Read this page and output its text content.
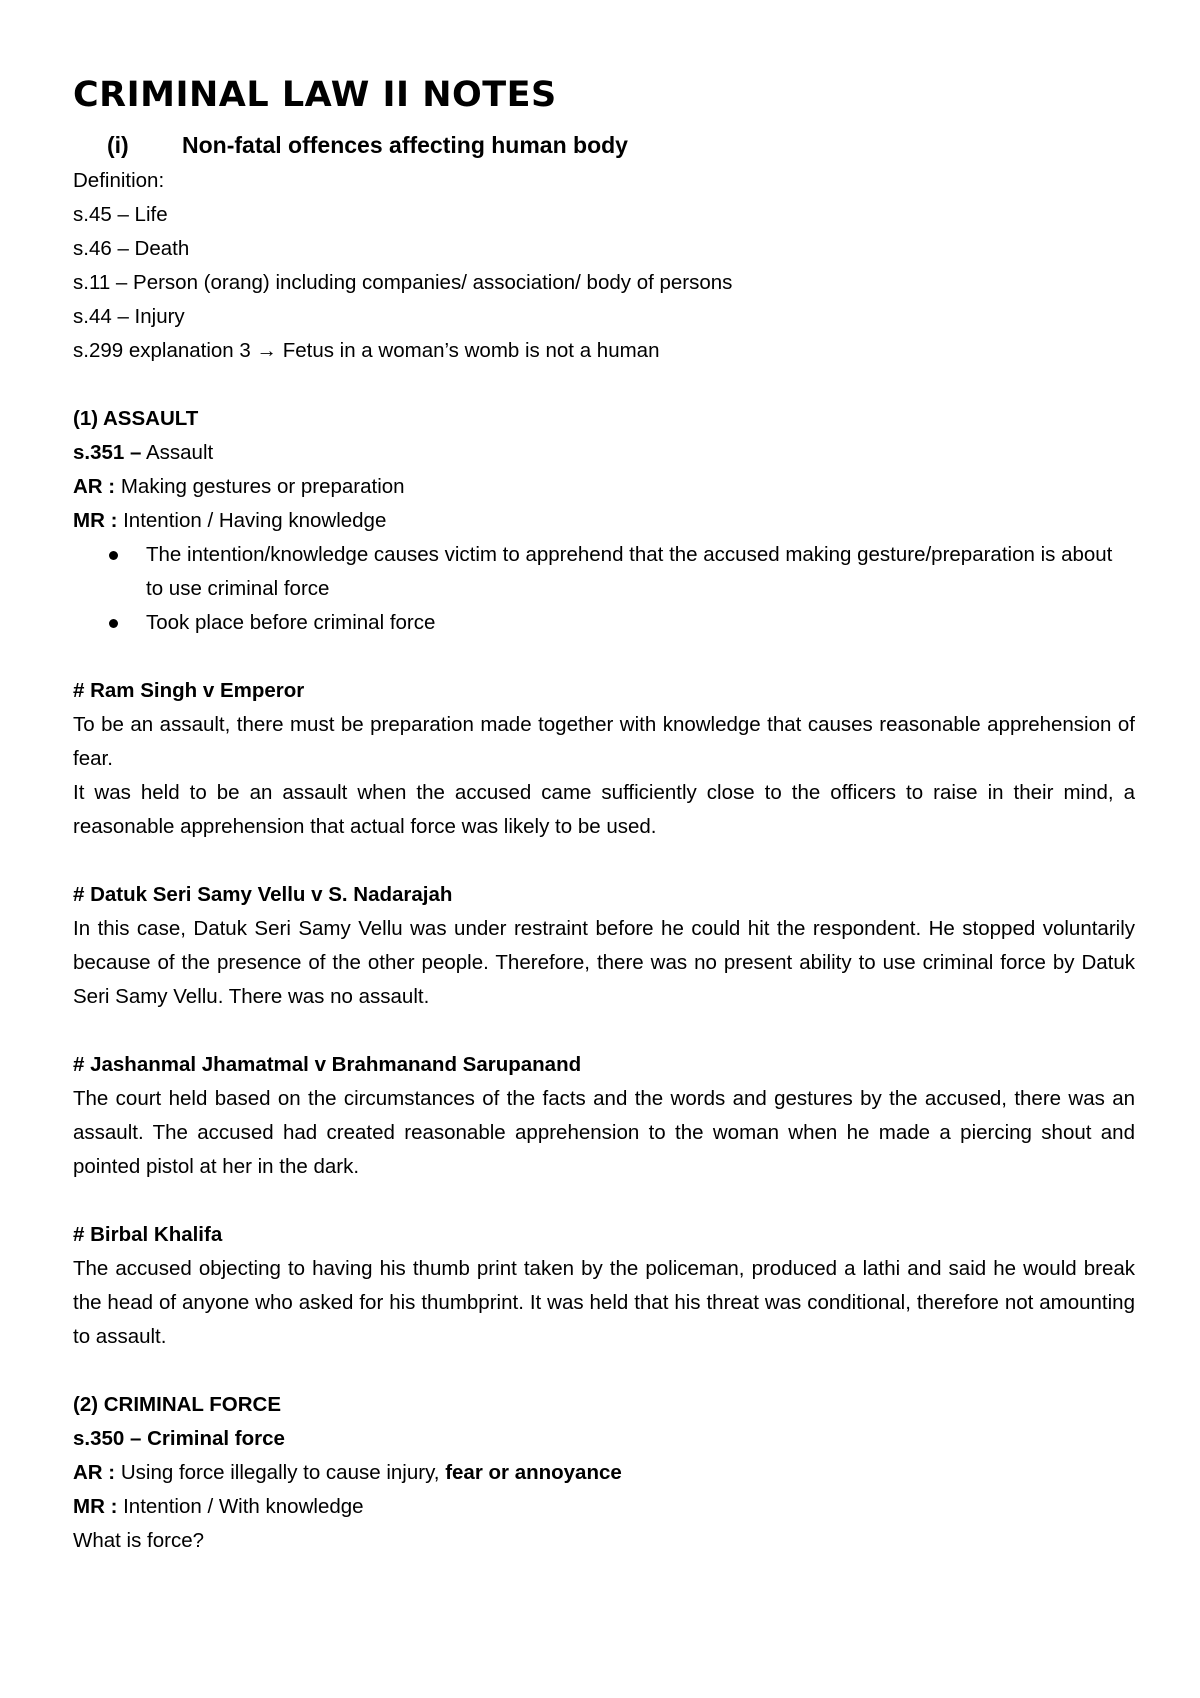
CRIMINAL LAW II NOTES
(i)	Non-fatal offences affecting human body
Definition:
s.45 – Life
s.46 – Death
s.11 – Person (orang) including companies/ association/ body of persons
s.44 – Injury
s.299 explanation 3 → Fetus in a woman’s womb is not a human
(1) ASSAULT
s.351 – Assault
AR : Making gestures or preparation
MR : Intention / Having knowledge
The intention/knowledge causes victim to apprehend that the accused making gesture/preparation is about to use criminal force
Took place before criminal force
# Ram Singh v Emperor
To be an assault, there must be preparation made together with knowledge that causes reasonable apprehension of fear.
It was held to be an assault when the accused came sufficiently close to the officers to raise in their mind, a reasonable apprehension that actual force was likely to be used.
# Datuk Seri Samy Vellu v S. Nadarajah
In this case, Datuk Seri Samy Vellu was under restraint before he could hit the respondent. He stopped voluntarily because of the presence of the other people. Therefore, there was no present ability to use criminal force by Datuk Seri Samy Vellu. There was no assault.
# Jashanmal Jhamatmal v Brahmanand Sarupanand
The court held based on the circumstances of the facts and the words and gestures by the accused, there was an assault. The accused had created reasonable apprehension to the woman when he made a piercing shout and pointed pistol at her in the dark.
# Birbal Khalifa
The accused objecting to having his thumb print taken by the policeman, produced a lathi and said he would break the head of anyone who asked for his thumbprint. It was held that his threat was conditional, therefore not amounting to assault.
(2) CRIMINAL FORCE
s.350 – Criminal force
AR : Using force illegally to cause injury, fear or annoyance
MR : Intention / With knowledge
What is force?
